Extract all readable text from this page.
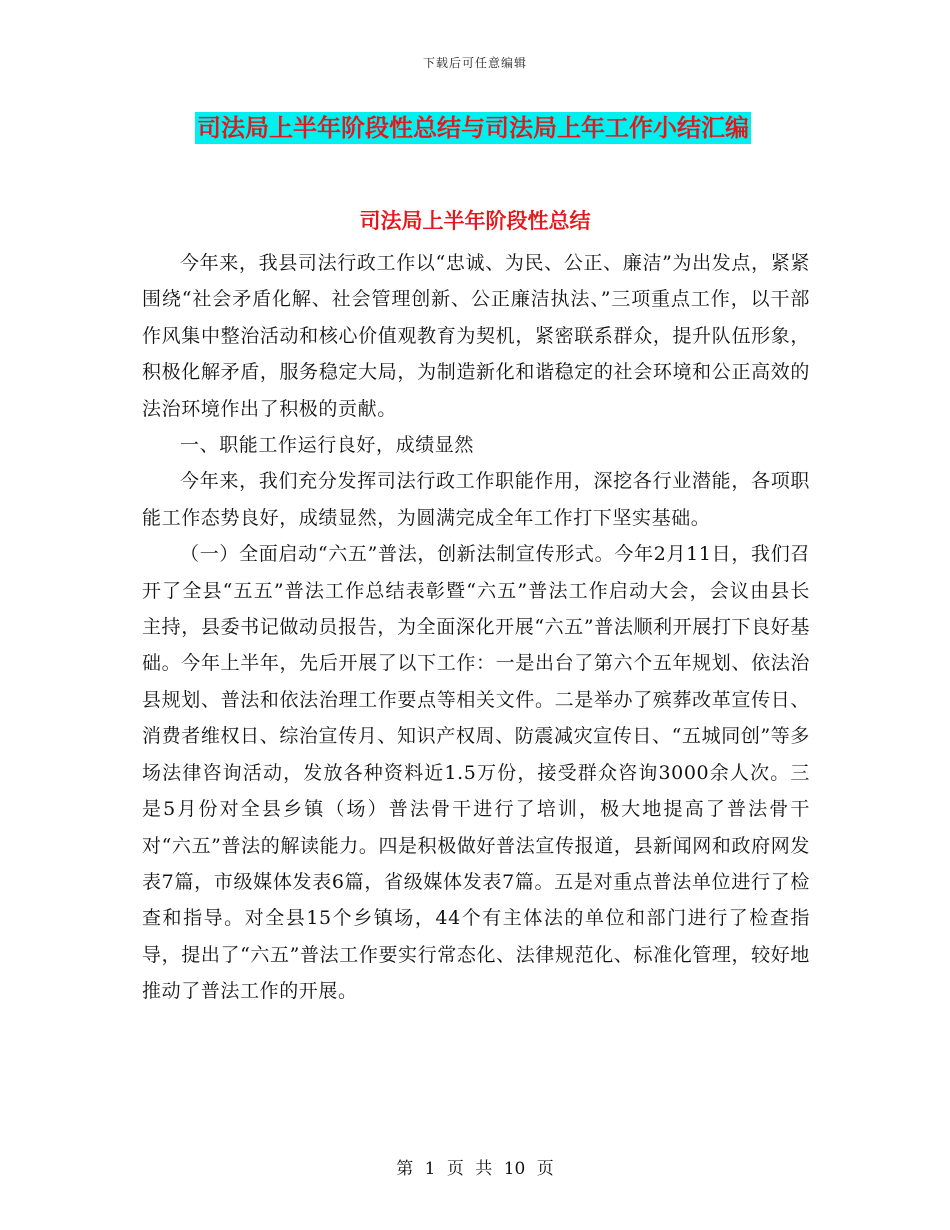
下载后可任意编辑
司法局上半年阶段性总结与司法局上年工作小结汇编
司法局上半年阶段性总结

今年来，我县司法行政工作以“忠诚、为民、公正、廉洁”为出发点，紧紧围绕“社会矛盾化解、社会管理创新、公正廉洁执法、”三项重点工作，以干部作风集中整治活动和核心价值观教育为契机，紧密联系群众，提升队伍形象，积极化解矛盾，服务稳定大局，为制造新化和谐稳定的社会环境和公正高效的法治环境作出了积极的贡献。

一、职能工作运行良好，成绩显然

今年来，我们充分发挥司法行政工作职能作用，深挖各行业潜能，各项职能工作态势良好，成绩显然，为圆满完成全年工作打下坚实基础。

（一）全面启动“六五”普法，创新法制宣传形式。今年2月11日，我们召开了全县“五五”普法工作总结表彰暨“六五”普法工作启动大会，会议由县长主持，县委书记做动员报告，为全面深化开展“六五”普法顺利开展打下良好基础。今年上半年，先后开展了以下工作：一是出台了第六个五年规划、依法治县规划、普法和依法治理工作要点等相关文件。二是举办了殡葬改革宣传日、消费者维权日、综治宣传月、知识产权周、防震减灾宣传日、“五城同创”等多场法律咨询活动，发放各种资料近1.5万份，接受群众咨询3000余人次。三是5月份对全县乡镇（场）普法骨干进行了培训，极大地提高了普法骨干对“六五”普法的解读能力。四是积极做好普法宣传报道，县新闻网和政府网发表7篇，市级媒体发表6篇，省级媒体发表7篇。五是对重点普法单位进行了检查和指导。对全县15个乡镇场，44个有主体法的单位和部门进行了检查指导，提出了“六五”普法工作要实行常态化、法律规范化、标准化管理，较好地推动了普法工作的开展。

第 1 页 共 10 页
